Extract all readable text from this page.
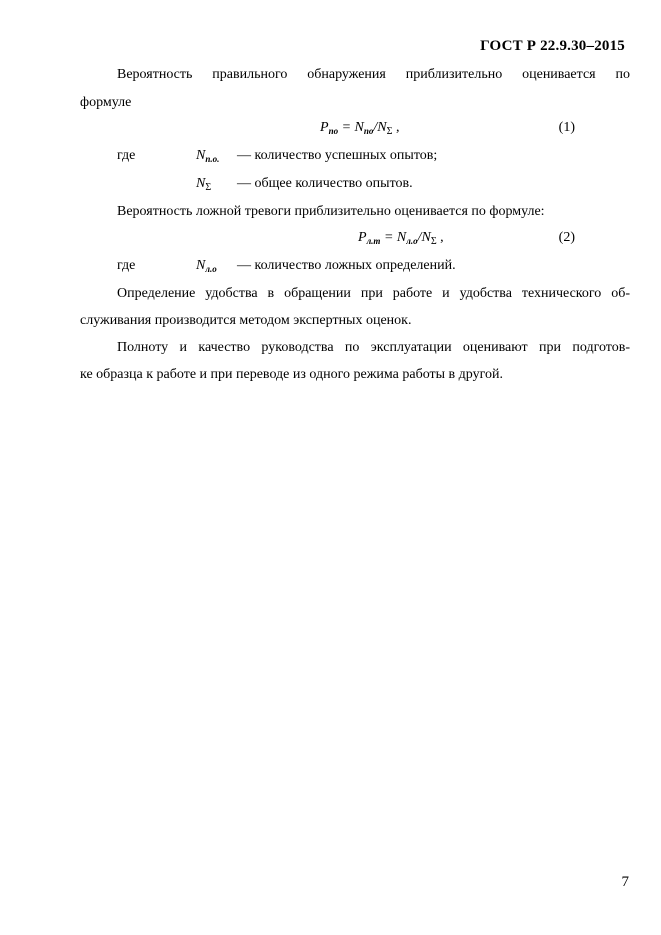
ГОСТ Р 22.9.30–2015
Вероятность правильного обнаружения приблизительно оценивается по
формуле
$P_{по} = N_{по}/N_\Sigma$ ,	(1)
где	$N_{п.о.}$ — количество успешных опытов;
$N_\Sigma$ — общее количество опытов.
Вероятность ложной тревоги приблизительно оценивается по формуле:
$P_{л.т} = N_{л.о}/N_\Sigma$ ,	(2)
где	$N_{л.о}$ — количество ложных определений.
Определение удобства в обращении при работе и удобства технического об-
служивания производится методом экспертных оценок.
Полноту и качество руководства по эксплуатации оценивают при подготов-
ке образца к работе и при переводе из одного режима работы в другой.
7
